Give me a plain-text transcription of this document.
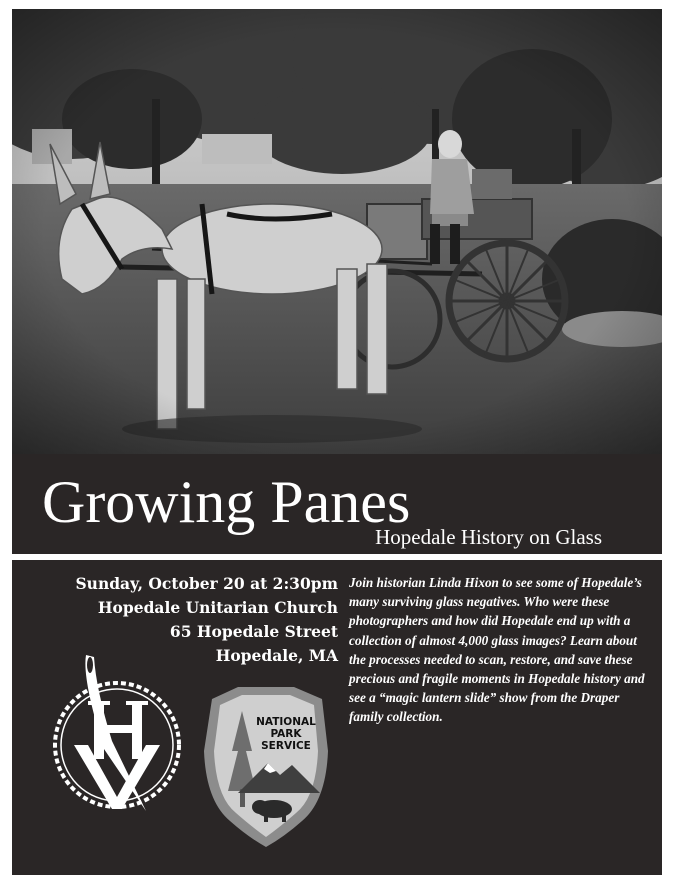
Growing Panes
Hopedale History on Glass
Sunday, October 20 at 2:30pm
Hopedale Unitarian Church
65 Hopedale Street
Hopedale, MA

Join historian Linda Hixon to see some of Hopedale’s many surviving glass negatives. Who were these photographers and how did Hopedale end up with a collection of almost 4,000 glass images? Learn about the processes needed to scan, restore, and save these precious and fragile moments in Hopedale history and see a “magic lantern slide” show from the Draper family collection.

NATIONAL
PARK
SERVICE
